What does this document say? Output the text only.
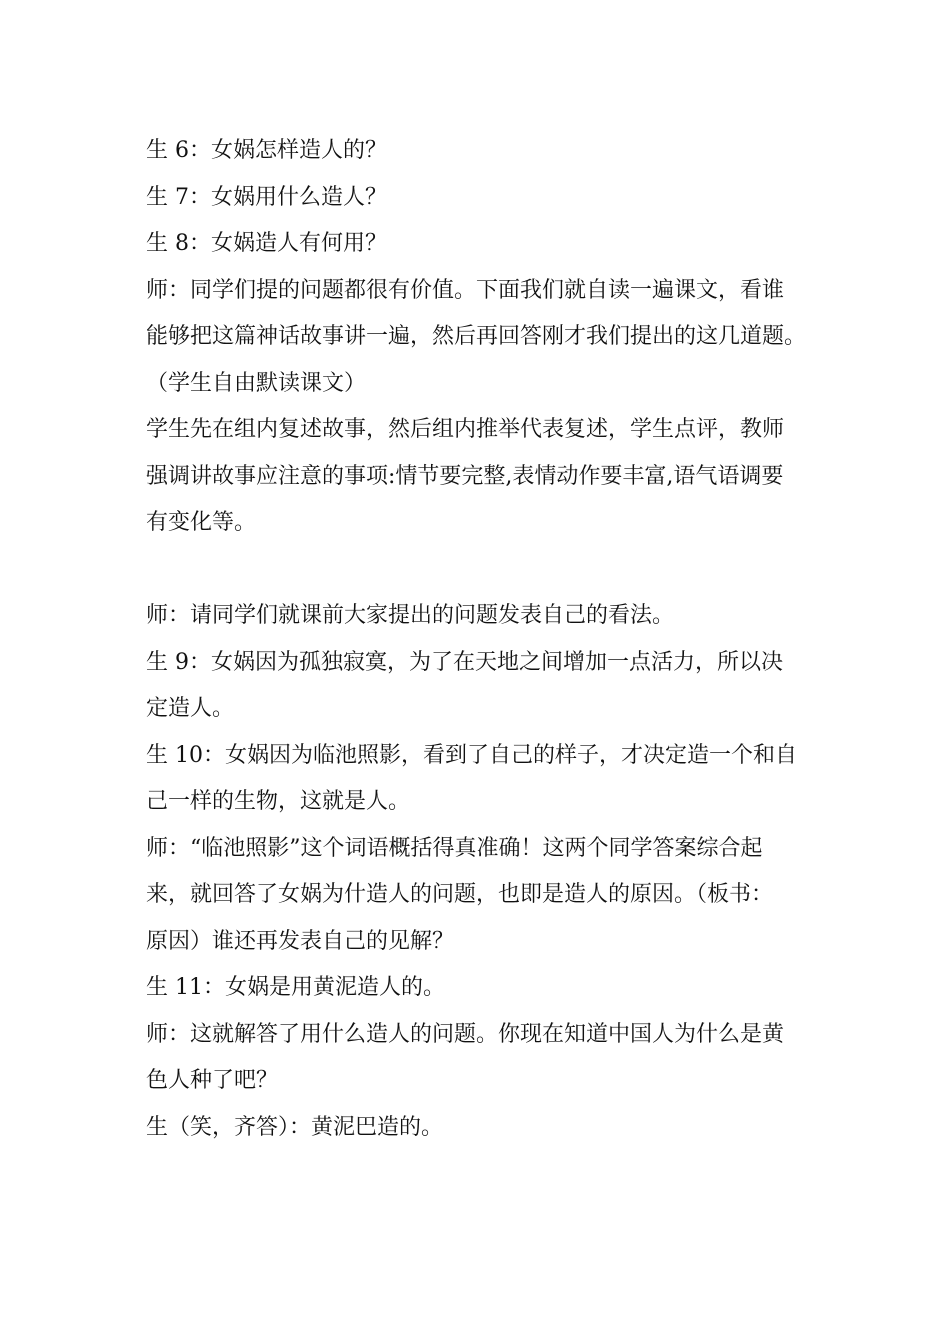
生 6：女娲怎样造人的？
生 7：女娲用什么造人？
生 8：女娲造人有何用？
师：同学们提的问题都很有价值。下面我们就自读一遍课文，看谁
能够把这篇神话故事讲一遍，然后再回答刚才我们提出的这几道题。
（学生自由默读课文）
学生先在组内复述故事，然后组内推举代表复述，学生点评，教师
强调讲故事应注意的事项:情节要完整,表情动作要丰富,语气语调要
有变化等。
师：请同学们就课前大家提出的问题发表自己的看法。
生 9：女娲因为孤独寂寞，为了在天地之间增加一点活力，所以决
定造人。
生 10：女娲因为临池照影，看到了自己的样子，才决定造一个和自
己一样的生物，这就是人。
师：“临池照影”这个词语概括得真准确！这两个同学答案综合起
来，就回答了女娲为什造人的问题，也即是造人的原因。（板书：
原因）谁还再发表自己的见解？
生 11：女娲是用黄泥造人的。
师：这就解答了用什么造人的问题。你现在知道中国人为什么是黄
色人种了吧？
生（笑，齐答）：黄泥巴造的。
